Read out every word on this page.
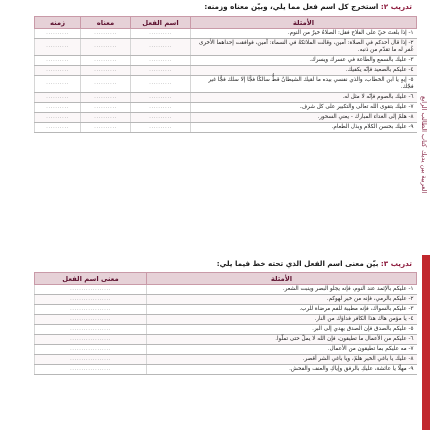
كتاب الطالب الرابع
العربية بين يديك
تدريب ٢: استخرج كل اسم فعل مما يلي، وبيّن معناه وزمنه:
الأمثلة	اسم الفعل	معناه	زمنه
١- إذا بلغتَ حيّ على الفلاح فقل: الصلاةُ خيرٌ من النوم.	..........	..........	..........
٢- إذا قال أحدكم في الصلاة: آمين، وقالت الملائكةُ في السماء: آمين، فوافقت إحداهما الأخرى غُفر له ما تقدّم من ذنبه.	..........	..........	..........
٣- عليك بالسمع والطاعة في عسرك ويسرك.	..........	..........	..........
٤- عليكم بالصعيد فإنّه يكفيك.	..........	..........	..........
٥- إيهٍ يا ابن الخطاب، والذي نفسي بيده ما لقيك الشيطانُ قطُّ سالكًا فجًّا إلا سلك فجًّا غير فجّك.	..........	..........	..........
٦- عليك بالصوم فإنّه لا مثل له.	..........	..........	..........
٧- عليك بتقوى الله تعالى والتكبير على كل شرف.	..........	..........	..........
٨- هلمّ إلى الغداء المبارك - يعني السحور.	..........	..........	..........
٩- عليك بحسن الكلام وبذل الطعام.	..........	..........	..........
تدريب ٣: بيّن معنى اسم الفعل الذي تحته خط فيما يلي:
الأمثلة	معنى اسم الفعل
١- عليكم بالإثمد عند النوم، فإنه يجلو البصر وينبت الشعر.	..................
٢- عليكم بالرمي، فإنه من خير لهوكم.	..................
٣- عليكم بالسواك، فإنه مطيبة للفم مرضاة للرب.	..................
٤- يا مؤمن هاك هذا الكافر فداؤك من النار.	..................
٥- عليكم بالصدق فإن الصدق يهدي إلى البر.	..................
٦- عليكم من الأعمال ما تطيقون، فإن الله لا يملّ حتى تملّوا.	..................
٧- مه عليكم بما تطيقون من الأعمال.	..................
٨- عليك يا باغي الخير هلمّ، ويا باغي الشر أقصر.	..................
٩- مهلًا يا عائشة، عليكِ بالرفق وإياكِ والعنف والفحش.	..................
